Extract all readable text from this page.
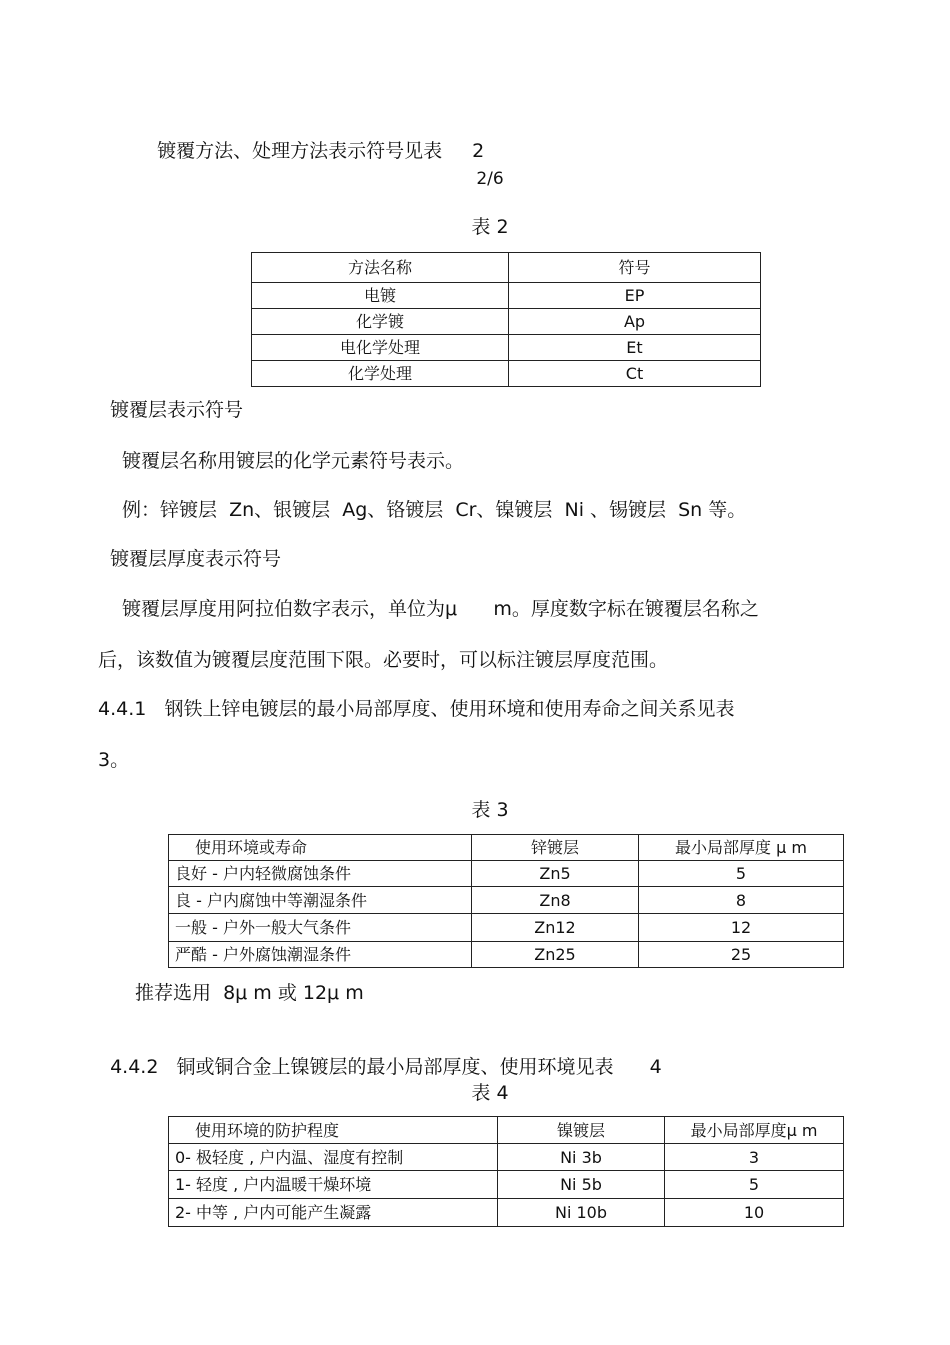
镀覆方法、处理方法表示符号见表 2

2/6
表 2
方法名称	符号
电镀	EP
化学镀	Ap
电化学处理	Et
化学处理	Ct
镀覆层表示符号
镀覆层名称用镀层的化学元素符号表示。
例：锌镀层  Zn、银镀层  Ag、铬镀层  Cr、镍镀层  Ni 、锡镀层  Sn 等。
镀覆层厚度表示符号
镀覆层厚度用阿拉伯数字表示，单位为μ      m。厚度数字标在镀覆层名称之
后，该数值为镀覆层度范围下限。必要时，可以标注镀层厚度范围。
4.4.1   钢铁上锌电镀层的最小局部厚度、使用环境和使用寿命之间关系见表
3。
表 3
使用环境或寿命	锌镀层	最小局部厚度 μ m
良好 - 户内轻微腐蚀条件	Zn5	5
良 - 户内腐蚀中等潮湿条件	Zn8	8
一般 - 户外一般大气条件	Zn12	12
严酷 - 户外腐蚀潮湿条件	Zn25	25
推荐选用  8μ m 或 12μ m

4.4.2   铜或铜合金上镍镀层的最小局部厚度、使用环境见表 4

表 4
使用环境的防护程度	镍镀层	最小局部厚度μ m
0- 极轻度 , 户内温、湿度有控制	Ni 3b	3
1- 轻度 , 户内温暖干燥环境	Ni 5b	5
2- 中等 , 户内可能产生凝露	Ni 10b	10
